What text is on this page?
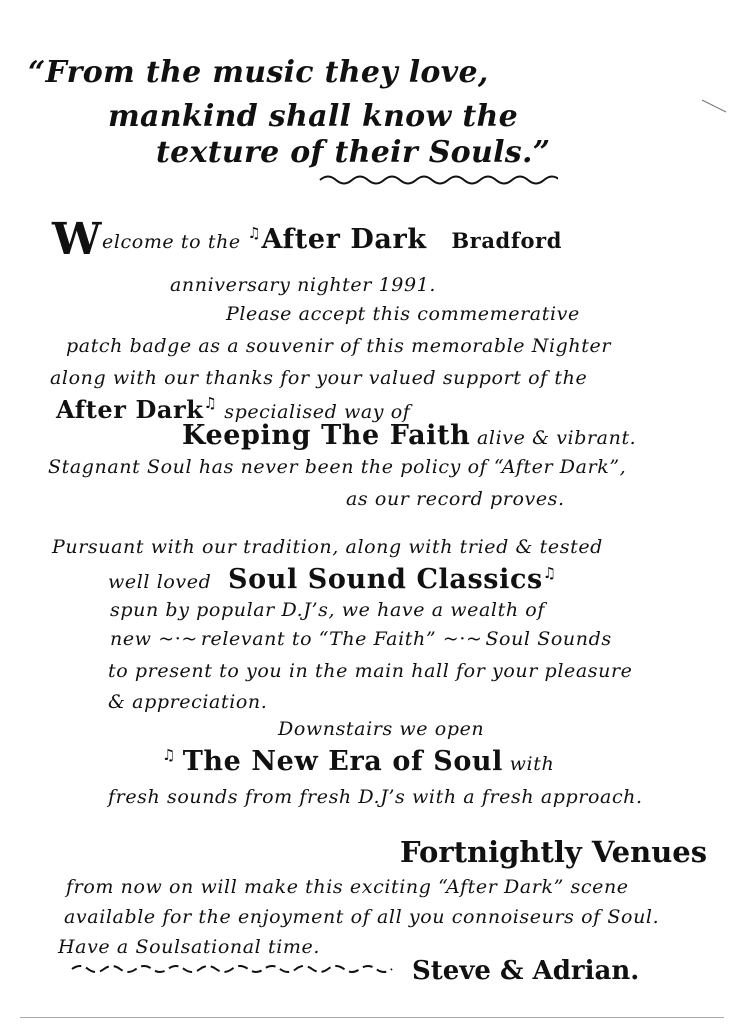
“From the music they love,
mankind shall know the
texture of their Souls.”
Welcome to the ♫After Dark Bradford
anniversary nighter 1991.
Please accept this commemerative
patch badge as a souvenir of this memorable Nighter
along with our thanks for your valued support of the
After Dark♫ specialised way of
Keeping The Faith alive & vibrant.
Stagnant Soul has never been the policy of “After Dark”,
as our record proves.
Pursuant with our tradition, along with tried & tested
well loved Soul Sound Classics♫
spun by popular D.J’s, we have a wealth of
new ~·~ relevant to “The Faith” ~·~ Soul Sounds
to present to you in the main hall for your pleasure
& appreciation.
Downstairs we open
♫ The New Era of Soul with
fresh sounds from fresh D.J’s with a fresh approach.
Fortnightly Venues
from now on will make this exciting “After Dark” scene
available for the enjoyment of all you connoiseurs of Soul.
Have a Soulsational time.
Steve & Adrian.
